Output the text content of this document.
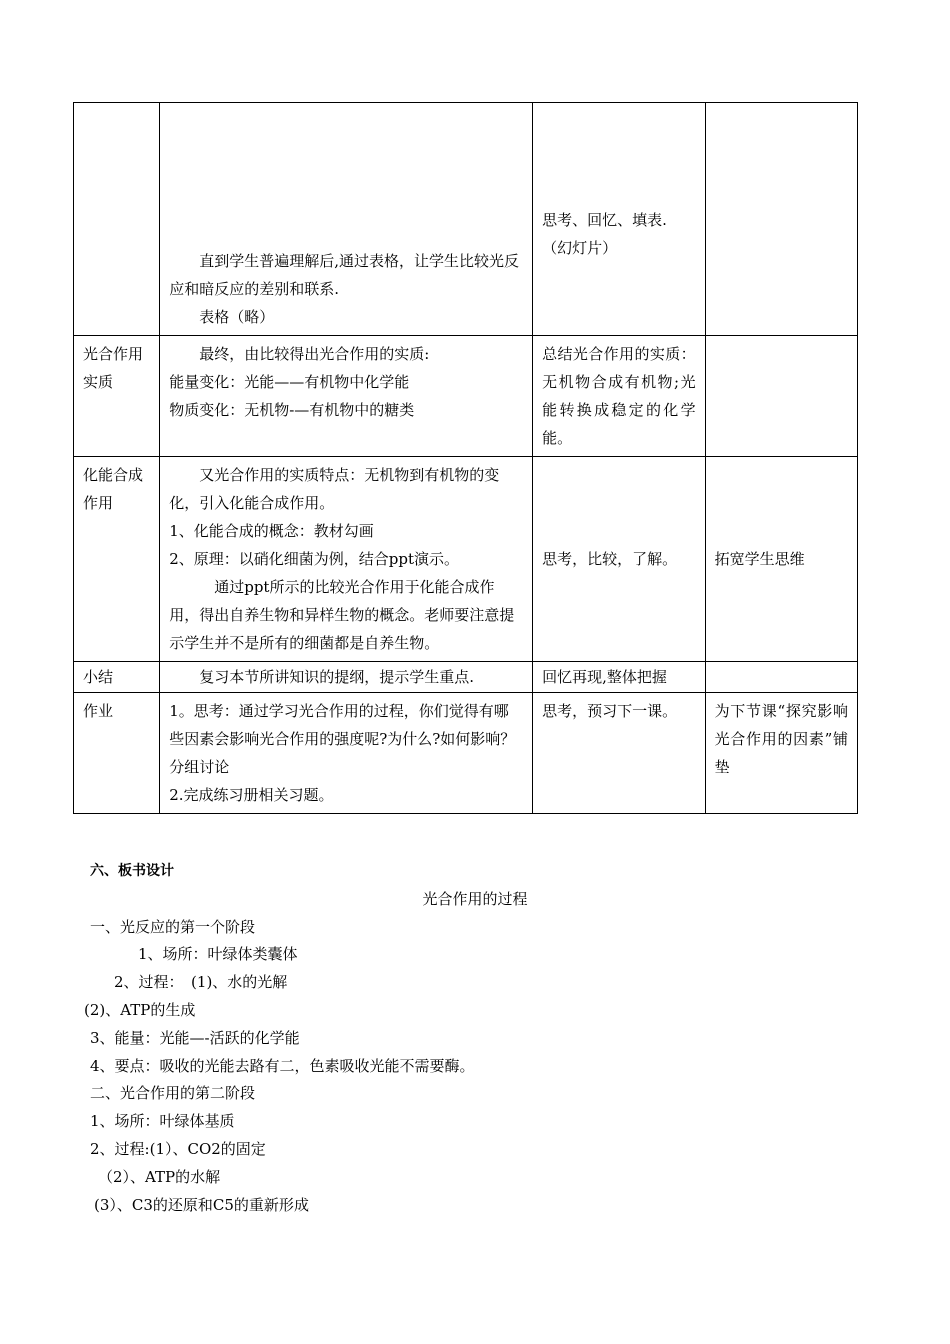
	直到学生普遍理解后,通过表格，让学生比较光反应和暗反应的差别和联系.
表格（略）	思考、回忆、填表.（幻灯片）	

光合作用实质	最终，由比较得出光合作用的实质:
能量变化：光能——有机物中化学能
物质变化：无机物-—有机物中的糖类	总结光合作用的实质：无机物合成有机物;光能转换成稳定的化学能。	
化能合成作用	又光合作用的实质特点：无机物到有机物的变化，引入化能合成作用。
1、化能合成的概念：教材勾画
2、原理：以硝化细菌为例，结合ppt演示。
通过ppt所示的比较光合作用于化能合成作用，得出自养生物和异样生物的概念。老师要注意提示学生并不是所有的细菌都是自养生物。	思考，比较，了解。	拓宽学生思维
小结	复习本节所讲知识的提纲，提示学生重点.	回忆再现,整体把握	
作业	1。思考：通过学习光合作用的过程，你们觉得有哪些因素会影响光合作用的强度呢?为什么?如何影响？分组讨论
2.完成练习册相关习题。	思考，预习下一课。	为下节课“探究影响光合作用的因素”铺垫
六、板书设计
光合作用的过程
一、光反应的第一个阶段
1、场所：叶绿体类囊体
2、过程：　(1)、水的光解
(2)、ATP的生成
3、能量：光能—-活跃的化学能
4、要点：吸收的光能去路有二，色素吸收光能不需要酶。
二、光合作用的第二阶段
1、场所：叶绿体基质
2、过程:(1）、CO2的固定
（2）、ATP的水解
(3）、C3的还原和C5的重新形成
